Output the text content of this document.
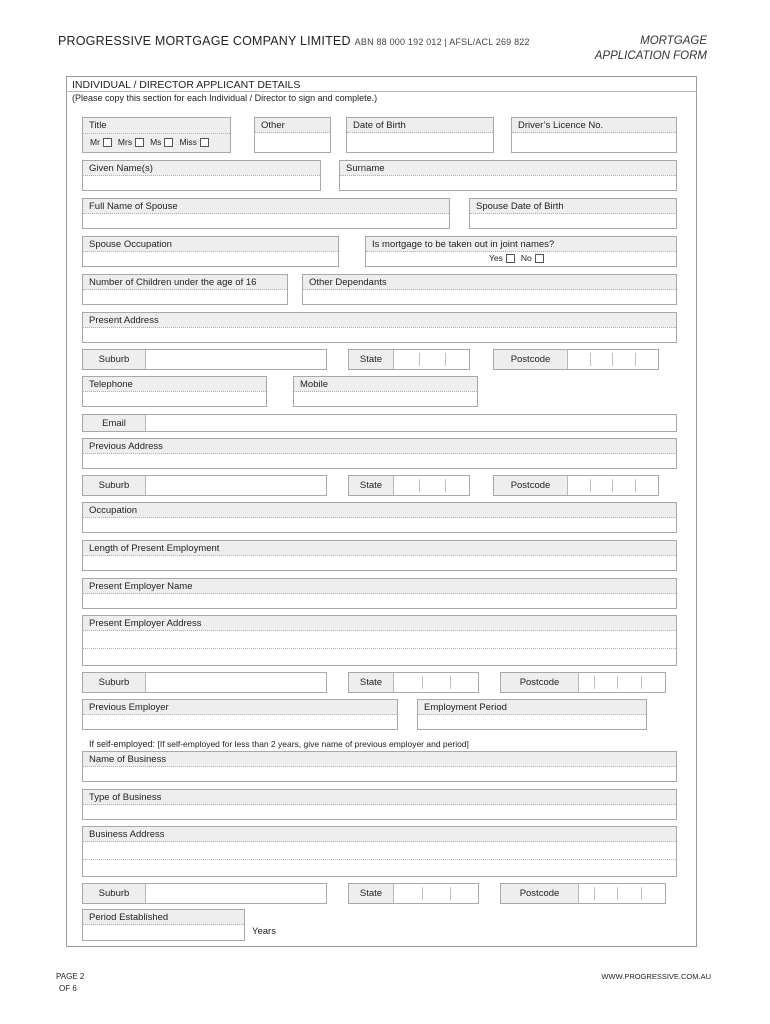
PROGRESSIVE MORTGAGE COMPANY LIMITED ABN 88 000 192 012 | AFSL/ACL 269 822	MORTGAGE
APPLICATION FORM
INDIVIDUAL / DIRECTOR APPLICANT DETAILS
(Please copy this section for each Individual / Director to sign and complete.)
Title
Mr Mrs Ms Miss
Other	Date of Birth	Driver’s Licence No.
Given Name(s)	Surname
Full Name of Spouse	Spouse Date of Birth
Spouse Occupation	Is mortgage to be taken out in joint names?
Yes No
Number of Children under the age of 16	Other Dependants
Present Address
Suburb	State	Postcode
Telephone	Mobile
Email
Previous Address
Suburb	State	Postcode
Occupation
Length of Present Employment
Present Employer Name
Present Employer Address
Suburb	State	Postcode
Previous Employer	Employment Period
If self-employed: [If self-employed for less than 2 years, give name of previous employer and period]
Name of Business
Type of Business
Business Address
Suburb	State	Postcode
Period Established
Years
PAGE 2
OF 6
WWW.PROGRESSIVE.COM.AU
